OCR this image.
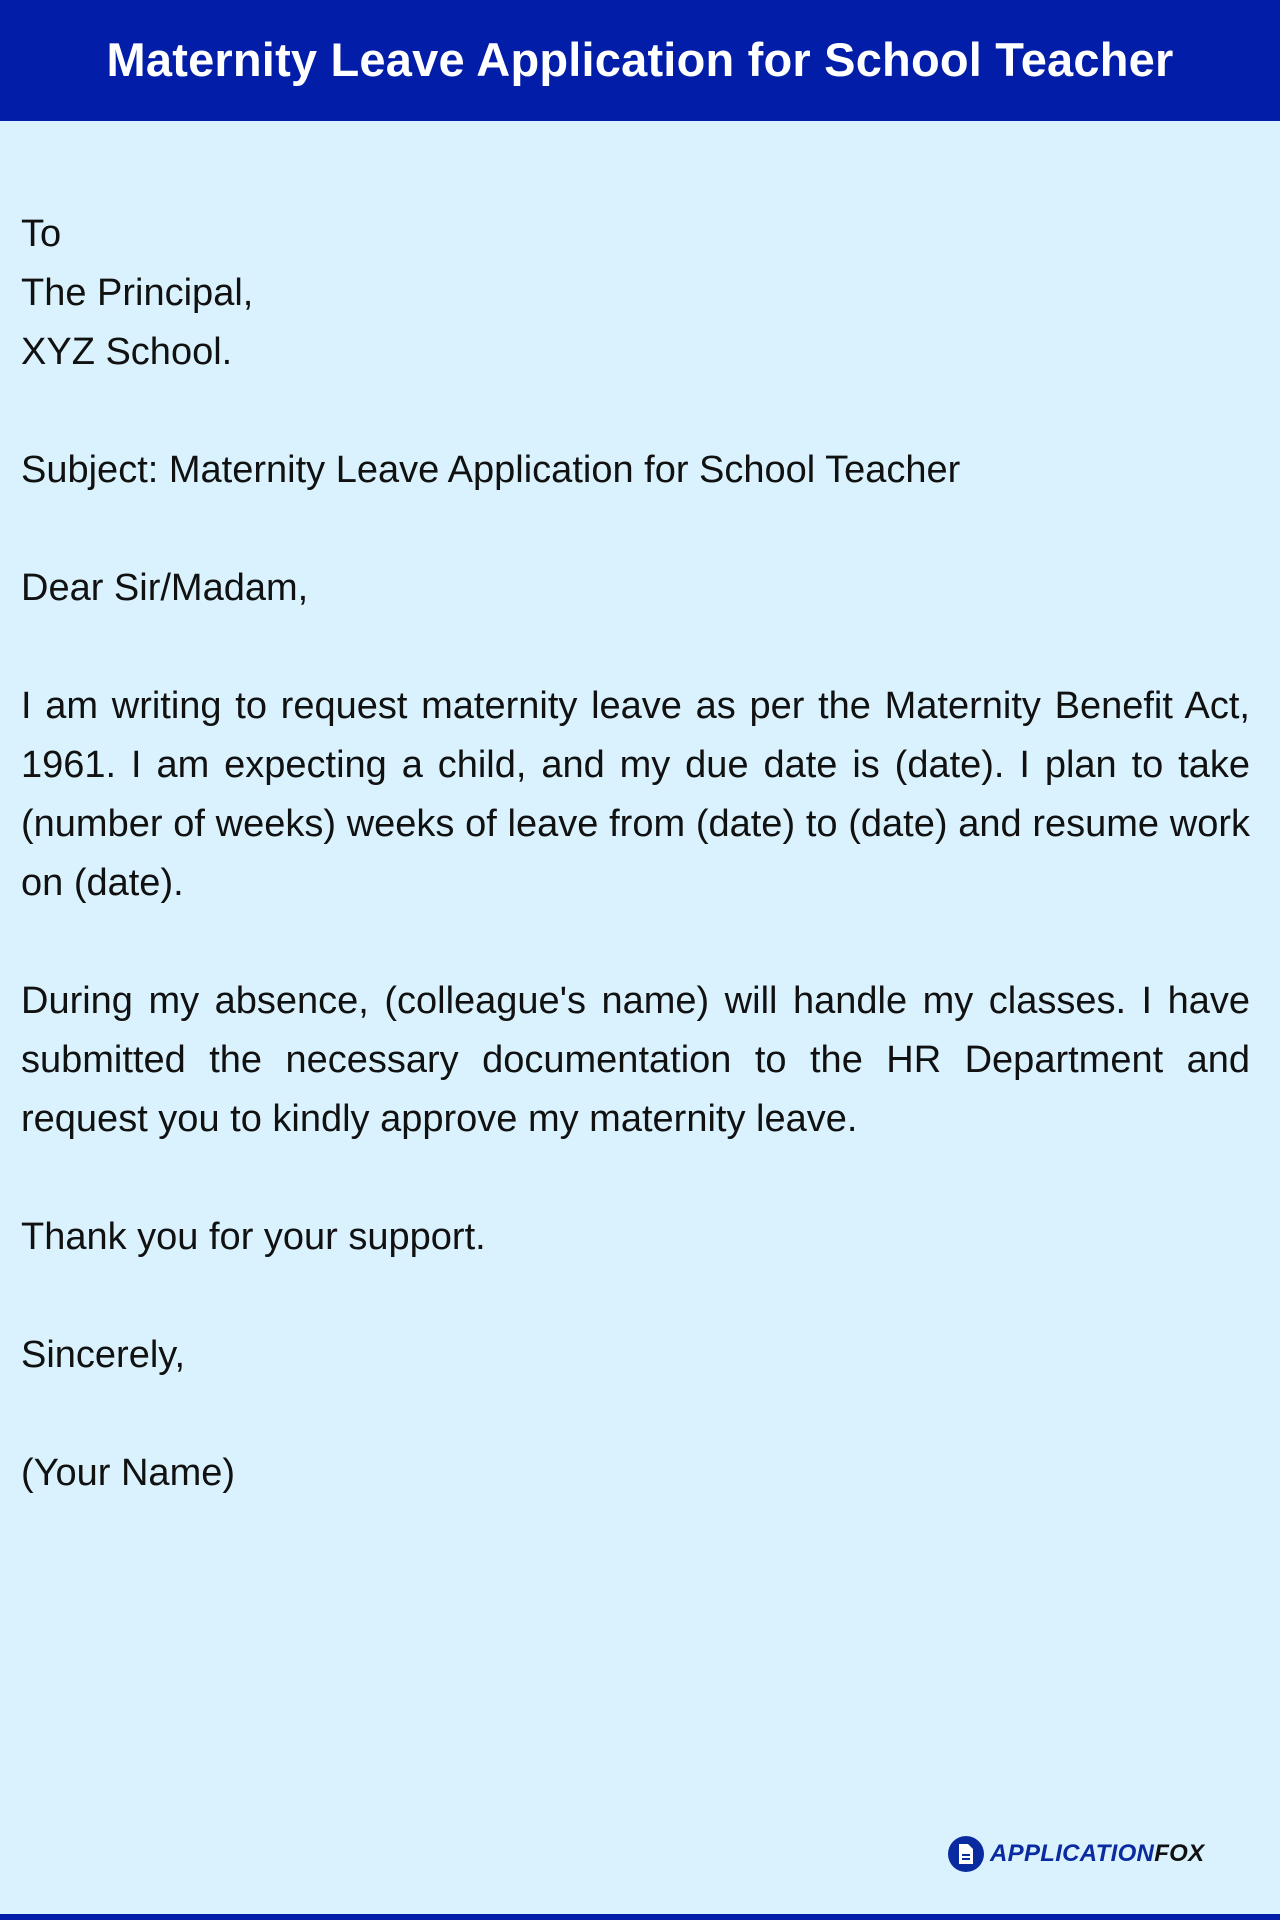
Maternity Leave Application for School Teacher
To
The Principal,
XYZ School.
Subject: Maternity Leave Application for School Teacher
Dear Sir/Madam,
I am writing to request maternity leave as per the Maternity Benefit Act, 1961. I am expecting a child, and my due date is (date). I plan to take (number of weeks) weeks of leave from (date) to (date) and resume work on (date).
During my absence, (colleague's name) will handle my classes. I have submitted the necessary documentation to the HR Department and request you to kindly approve my maternity leave.
Thank you for your support.
Sincerely,
(Your Name)
APPLICATIONFOX
